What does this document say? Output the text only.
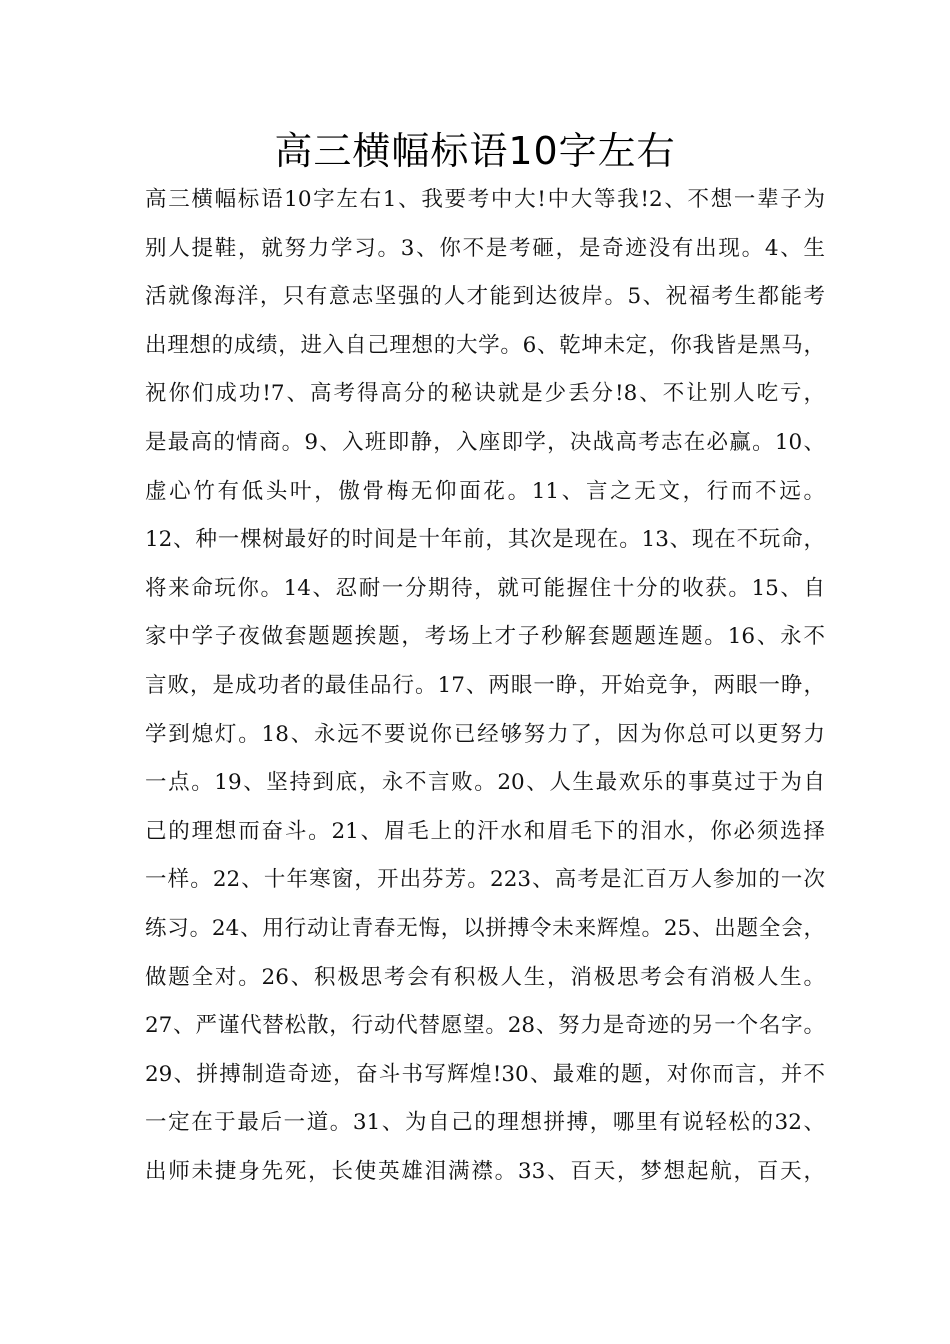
高三横幅标语10字左右
高三横幅标语10字左右1、我要考中大!中大等我!2、不想一辈子为
别人提鞋，就努力学习。3、你不是考砸，是奇迹没有出现。4、生
活就像海洋，只有意志坚强的人才能到达彼岸。5、祝福考生都能考
出理想的成绩，进入自己理想的大学。6、乾坤未定，你我皆是黑马，
祝你们成功!7、高考得高分的秘诀就是少丢分!8、不让别人吃亏，
是最高的情商。9、入班即静，入座即学，决战高考志在必赢。10、
虚心竹有低头叶，傲骨梅无仰面花。11、言之无文，行而不远。
12、种一棵树最好的时间是十年前，其次是现在。13、现在不玩命，
将来命玩你。14、忍耐一分期待，就可能握住十分的收获。15、自
家中学子夜做套题题挨题，考场上才子秒解套题题连题。16、永不
言败，是成功者的最佳品行。17、两眼一睁，开始竞争，两眼一睁，
学到熄灯。18、永远不要说你已经够努力了，因为你总可以更努力
一点。19、坚持到底，永不言败。20、人生最欢乐的事莫过于为自
己的理想而奋斗。21、眉毛上的汗水和眉毛下的泪水，你必须选择
一样。22、十年寒窗，开出芬芳。223、高考是汇百万人参加的一次
练习。24、用行动让青春无悔，以拼搏令未来辉煌。25、出题全会，
做题全对。26、积极思考会有积极人生，消极思考会有消极人生。
27、严谨代替松散，行动代替愿望。28、努力是奇迹的另一个名字。
29、拼搏制造奇迹，奋斗书写辉煌!30、最难的题，对你而言，并不
一定在于最后一道。31、为自己的理想拼搏，哪里有说轻松的32、
出师未捷身先死，长使英雄泪满襟。33、百天，梦想起航，百天，
